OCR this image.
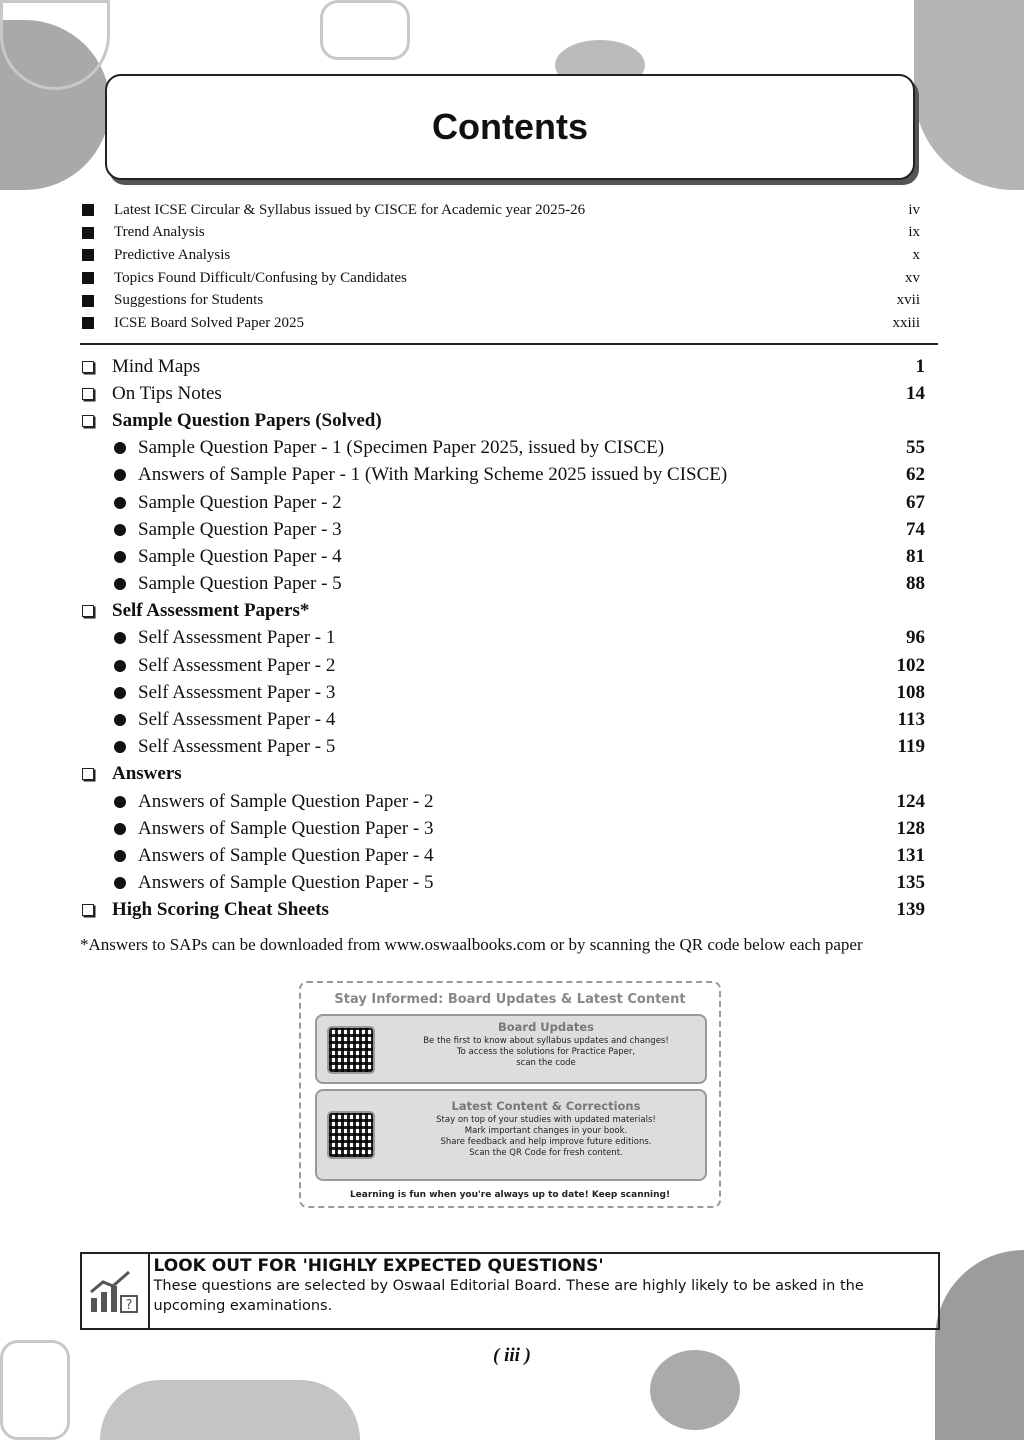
Contents
Latest ICSE Circular & Syllabus issued by CISCE for Academic year 2025-26	iv
Trend Analysis	ix
Predictive Analysis	x
Topics Found Difficult/Confusing by Candidates	xv
Suggestions for Students	xvii
ICSE Board Solved Paper 2025	xxiii
Mind Maps	1
On Tips Notes	14
Sample Question Papers (Solved)
Sample Question Paper - 1 (Specimen Paper 2025, issued by CISCE)	55
Answers of Sample Paper - 1 (With Marking Scheme 2025 issued by CISCE)	62
Sample Question Paper - 2	67
Sample Question Paper - 3	74
Sample Question Paper - 4	81
Sample Question Paper - 5	88
Self Assessment Papers*
Self Assessment Paper - 1	96
Self Assessment Paper - 2	102
Self Assessment Paper - 3	108
Self Assessment Paper - 4	113
Self Assessment Paper - 5	119
Answers
Answers of Sample Question Paper - 2	124
Answers of Sample Question Paper - 3	128
Answers of Sample Question Paper - 4	131
Answers of Sample Question Paper - 5	135
High Scoring Cheat Sheets	139
*Answers to SAPs can be downloaded from www.oswaalbooks.com or by scanning the QR code below each paper
Stay Informed: Board Updates & Latest Content
Board Updates
Be the first to know about syllabus updates and changes!
To access the solutions for Practice Paper,
scan the code
Latest Content & Corrections
Stay on top of your studies with updated materials!
Mark important changes in your book.
Share feedback and help improve future editions.
Scan the QR Code for fresh content.
Learning is fun when you're always up to date! Keep scanning!
?
LOOK OUT FOR 'HIGHLY EXPECTED QUESTIONS'
These questions are selected by Oswaal Editorial Board. These are highly likely to be asked in the upcoming examinations.
( iii )
